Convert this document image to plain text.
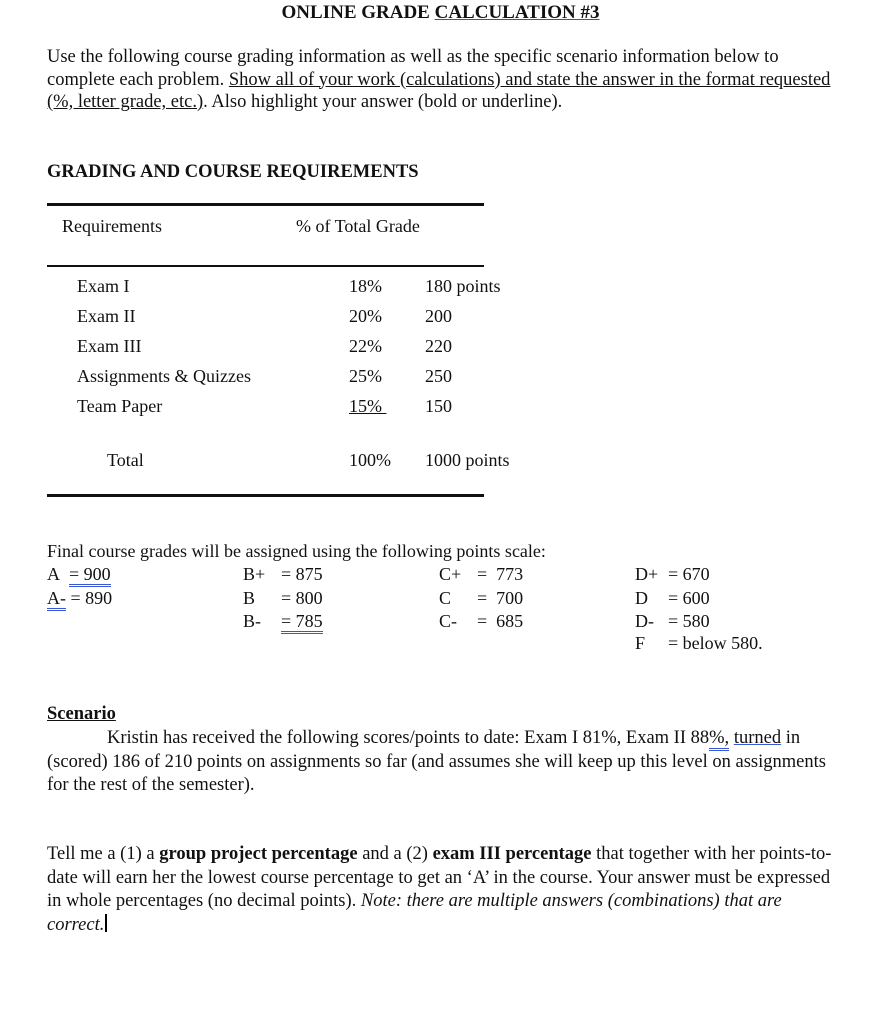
ONLINE GRADE CALCULATION #3
Use the following course grading information as well as the specific scenario information below to complete each problem. Show all of your work (calculations) and state the answer in the format requested (%, letter grade, etc.). Also highlight your answer (bold or underline).
GRADING AND COURSE REQUIREMENTS
Requirements	% of Total Grade
Exam I	18% 180 points
Exam II	20% 200
Exam III	22% 220
Assignments & Quizzes	25% 250
Team Paper	15% 150

Total	100% 1000 points
Final course grades will be assigned using the following points scale:
A = 900
A- = 890
B+ = 875
B = 800
B- = 785
C+ =  773
C =  700
C- =  685
D+ = 670
D = 600
D- = 580
F = below 580.
Scenario
Kristin has received the following scores/points to date: Exam I 81%, Exam II 88%, turned in (scored) 186 of 210 points on assignments so far (and assumes she will keep up this level on assignments for the rest of the semester).
Tell me a (1) a group project percentage and a (2) exam III percentage that together with her points-to-date will earn her the lowest course percentage to get an ‘A’ in the course. Your answer must be expressed in whole percentages (no decimal points). Note: there are multiple answers (combinations) that are correct.
